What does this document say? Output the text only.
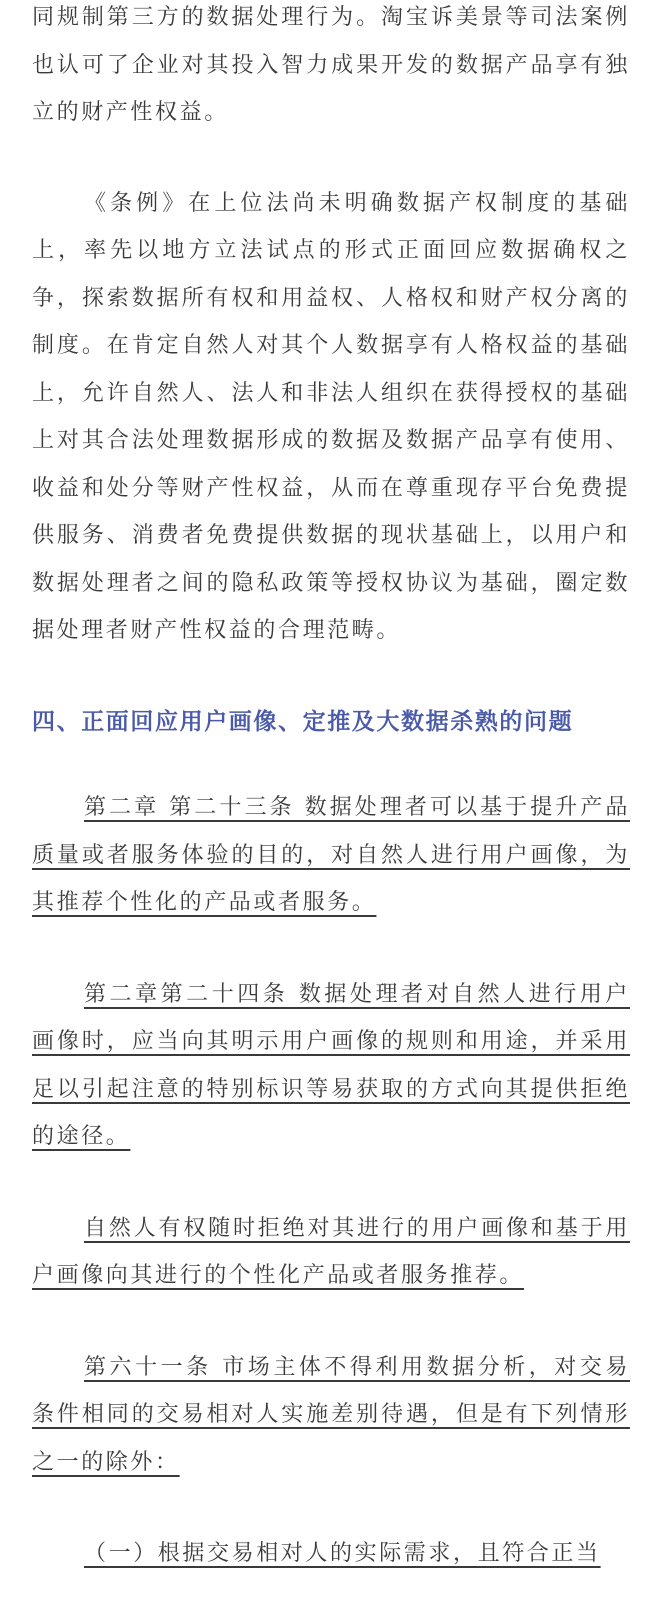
同规制第三方的数据处理行为。淘宝诉美景等司法案例也认可了企业对其投入智力成果开发的数据产品享有独立的财产性权益。

《条例》在上位法尚未明确数据产权制度的基础上，率先以地方立法试点的形式正面回应数据确权之争，探索数据所有权和用益权、人格权和财产权分离的制度。在肯定自然人对其个人数据享有人格权益的基础上，允许自然人、法人和非法人组织在获得授权的基础上对其合法处理数据形成的数据及数据产品享有使用、收益和处分等财产性权益，从而在尊重现存平台免费提供服务、消费者免费提供数据的现状基础上，以用户和数据处理者之间的隐私政策等授权协议为基础，圈定数据处理者财产性权益的合理范畴。

四、正面回应用户画像、定推及大数据杀熟的问题

第二章 第二十三条 数据处理者可以基于提升产品质量或者服务体验的目的，对自然人进行用户画像，为其推荐个性化的产品或者服务。

第二章第二十四条 数据处理者对自然人进行用户画像时，应当向其明示用户画像的规则和用途，并采用足以引起注意的特别标识等易获取的方式向其提供拒绝的途径。

自然人有权随时拒绝对其进行的用户画像和基于用户画像向其进行的个性化产品或者服务推荐。

第六十一条 市场主体不得利用数据分析，对交易条件相同的交易相对人实施差别待遇，但是有下列情形之一的除外：

（一）根据交易相对人的实际需求，且符合正当
